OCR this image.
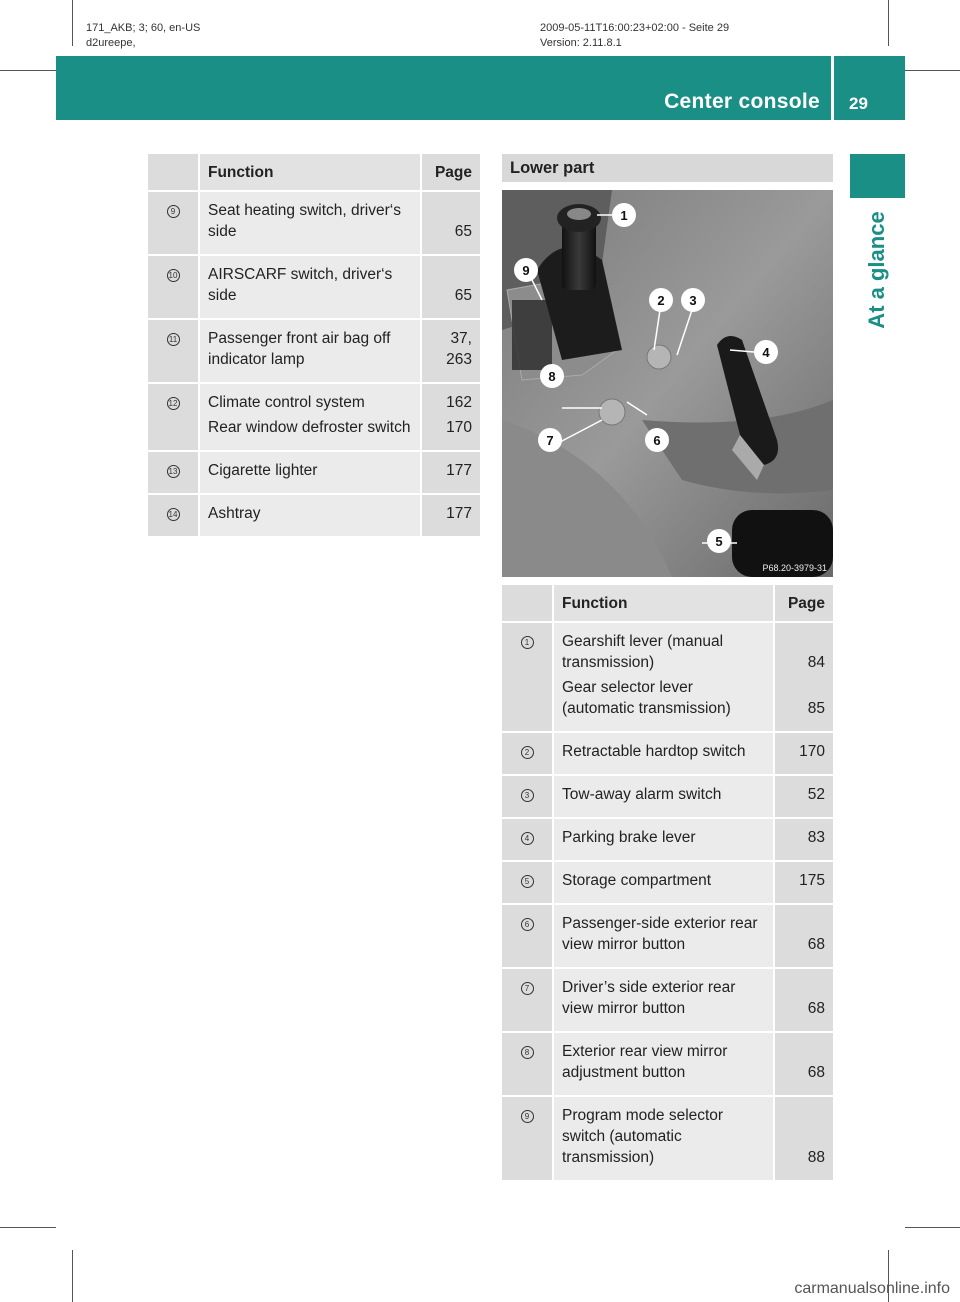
171_AKB; 3; 60, en-US
d2ureepe,
2009-05-11T16:00:23+02:00 - Seite 29
Version: 2.11.8.1
Center console 29
At a glance
	Function	Page
9	Seat heating switch, driver‘s side	65
10	AIRSCARF switch, driver‘s side	65
11	Passenger front air bag off indicator lamp	37, 263
12	Climate control system	162
	Rear window defroster switch	170
13	Cigarette lighter	177
14	Ashtray	177
Lower part
1
2 3
4
5
6
7
8
9
P68.20-3979-31
	Function	Page
1	Gearshift lever (manual transmission)	84
	Gear selector lever (automatic transmission)	85
2	Retractable hardtop switch	170
3	Tow-away alarm switch	52
4	Parking brake lever	83
5	Storage compartment	175
6	Passenger-side exterior rear view mirror button	68
7	Driver’s side exterior rear view mirror button	68
8	Exterior rear view mirror adjustment button	68
9	Program mode selector switch (automatic transmission)	88
carmanualsonline.info
